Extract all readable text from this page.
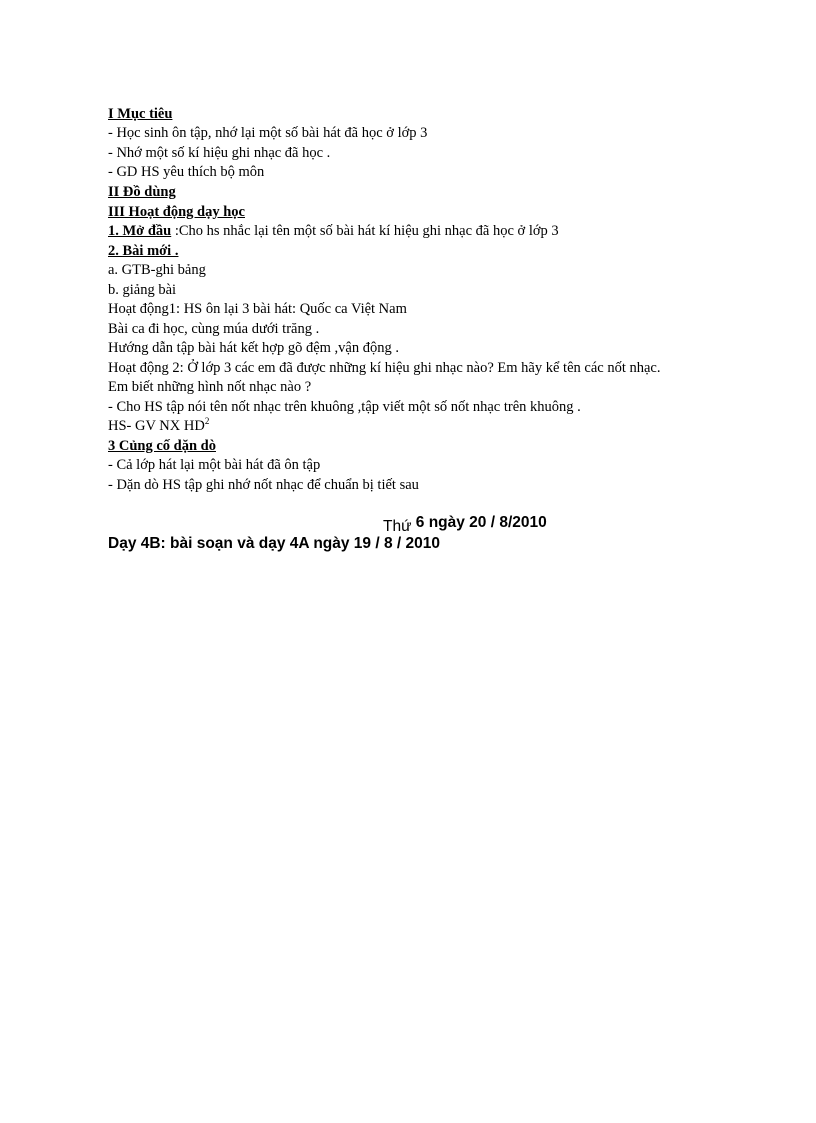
I Mục tiêu
- Học sinh ôn tập, nhớ lại một số bài hát đã học ở lớp 3
- Nhớ một số kí hiệu ghi nhạc đã học .
- GD HS yêu thích bộ môn
II Đồ dùng
III Hoạt động dạy học
1. Mở đầu :Cho hs nhắc lại tên một số bài hát kí hiệu ghi nhạc đã học ở lớp 3
2. Bài mới .
a. GTB-ghi bảng
b. giảng bài
Hoạt động1: HS ôn lại 3 bài hát: Quốc ca Việt Nam
Bài ca đi học, cùng múa dưới trăng .
Hướng dẫn tập bài hát kết hợp gõ đệm ,vận động .
Hoạt động 2: Ở lớp 3 các em đã được những kí hiệu ghi nhạc nào? Em hãy kể tên các nốt nhạc.
Em biết những hình nốt nhạc nào ?
- Cho HS tập nói tên nốt nhạc trên khuông ,tập viết một số nốt nhạc trên khuông .
HS- GV NX $HD^2$
3 Củng cố dặn dò
- Cả lớp hát lại một bài hát đã ôn tập
- Dặn dò HS tập ghi nhớ nốt nhạc để chuẩn bị tiết sau
Thứ 6 ngày 20 / 8/2010
Dạy 4B: bài soạn và dạy 4A ngày 19 / 8 / 2010
